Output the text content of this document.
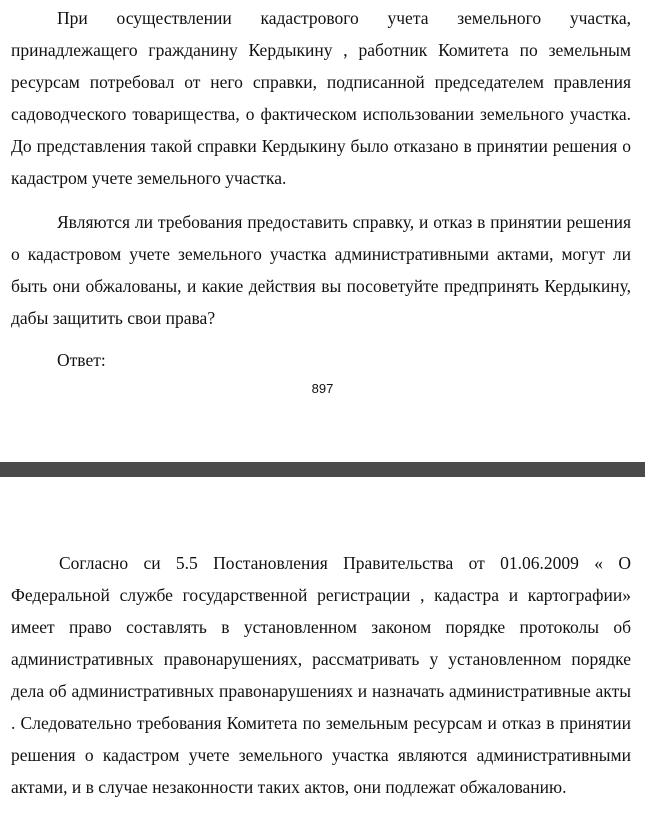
При осуществлении кадастрового учета земельного участка, принадлежащего гражданину Кердыкину , работник Комитета по земельным ресурсам потребовал от него справки, подписанной председателем правления садоводческого товарищества, о фактическом использовании земельного участка. До представления такой справки Кердыкину было отказано в принятии решения о кадастром учете земельного участка.

Являются ли требования предоставить справку, и отказ в принятии решения о кадастровом учете земельного участка административными актами, могут ли быть они обжалованы, и какие действия вы посоветуйте предпринять Кердыкину, дабы защитить свои права?

Ответ:

897

Согласно си 5.5 Постановления Правительства от 01.06.2009 « О Федеральной службе государственной регистрации , кадастра и картографии» имеет право составлять в установленном законом порядке протоколы об административных правонарушениях, рассматривать у установленном порядке дела об административных правонарушениях и назначать административные акты . Следовательно требования Комитета по земельным ресурсам и отказ в принятии решения о кадастром учете земельного участка являются административными актами, и в случае незаконности таких актов, они подлежат обжалованию.
